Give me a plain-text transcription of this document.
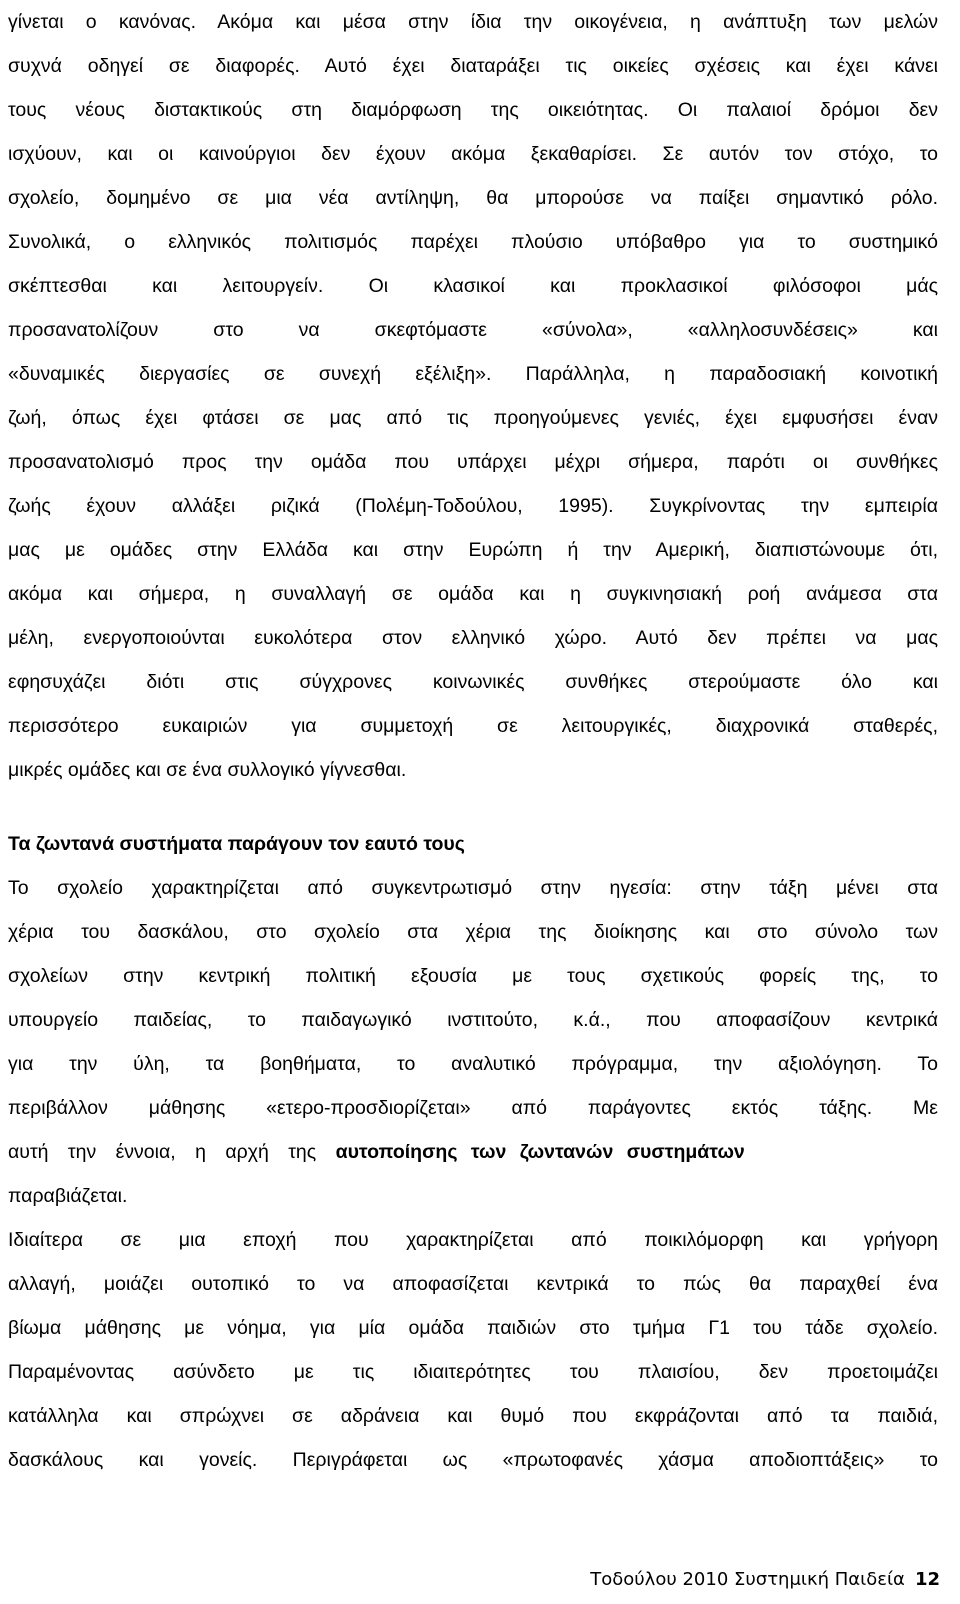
γίνεται ο κανόνας. Ακόμα και μέσα στην ίδια την οικογένεια, η ανάπτυξη των μελών

συχνά οδηγεί σε διαφορές. Αυτό έχει διαταράξει τις οικείες σχέσεις και έχει κάνει

τους νέους διστακτικούς στη διαμόρφωση της οικειότητας. Οι παλαιοί δρόμοι δεν

ισχύουν, και οι καινούργιοι δεν έχουν ακόμα ξεκαθαρίσει. Σε αυτόν τον στόχο, το

σχολείο, δομημένο σε μια νέα αντίληψη, θα μπορούσε να παίξει σημαντικό ρόλο.

Συνολικά, ο ελληνικός πολιτισμός παρέχει πλούσιο υπόβαθρο για το συστημικό

σκέπτεσθαι και λειτουργείν. Οι κλασικοί και προκλασικοί φιλόσοφοι μάς

προσανατολίζουν στο να σκεφτόμαστε «σύνολα», «αλληλοσυνδέσεις» και

«δυναμικές διεργασίες σε συνεχή εξέλιξη». Παράλληλα, η παραδοσιακή κοινοτική

ζωή, όπως έχει φτάσει σε μας από τις προηγούμενες γενιές, έχει εμφυσήσει έναν

προσανατολισμό προς την ομάδα που υπάρχει μέχρι σήμερα, παρότι οι συνθήκες

ζωής έχουν αλλάξει ριζικά (Πολέμη-Τοδούλου, 1995). Συγκρίνοντας την εμπειρία

μας με ομάδες στην Ελλάδα και στην Ευρώπη ή την Αμερική, διαπιστώνουμε ότι,

ακόμα και σήμερα, η συναλλαγή σε ομάδα και η συγκινησιακή ροή ανάμεσα στα

μέλη, ενεργοποιούνται ευκολότερα στον ελληνικό χώρο. Αυτό δεν πρέπει να μας

εφησυχάζει διότι στις σύγχρονες κοινωνικές συνθήκες στερούμαστε όλο και

περισσότερο ευκαιριών για συμμετοχή σε λειτουργικές, διαχρονικά σταθερές,

μικρές ομάδες και σε ένα συλλογικό γίγνεσθαι.

Τα ζωντανά συστήματα παράγουν τον εαυτό τους

Το σχολείο χαρακτηρίζεται από συγκεντρωτισμό στην ηγεσία: στην τάξη μένει στα

χέρια του δασκάλου, στο σχολείο στα χέρια της διοίκησης και στο σύνολο των

σχολείων στην κεντρική πολιτική εξουσία με τους σχετικούς φορείς της, το

υπουργείο παιδείας, το παιδαγωγικό ινστιτούτο, κ.ά., που αποφασίζουν κεντρικά

για την ύλη, τα βοηθήματα, το αναλυτικό πρόγραμμα, την αξιολόγηση. Το

περιβάλλον μάθησης «ετερο-προσδιορίζεται» από παράγοντες εκτός τάξης. Με

αυτή την έννοια, η αρχή της αυτοποίησης των ζωντανών συστημάτων

παραβιάζεται.

Ιδιαίτερα σε μια εποχή που χαρακτηρίζεται από ποικιλόμορφη και γρήγορη

αλλαγή, μοιάζει ουτοπικό το να αποφασίζεται κεντρικά το πώς θα παραχθεί ένα

βίωμα μάθησης με νόημα, για μία ομάδα παιδιών στο τμήμα Γ1 του τάδε σχολείο.

Παραμένοντας ασύνδετο με τις ιδιαιτερότητες του πλαισίου, δεν προετοιμάζει

κατάλληλα και σπρώχνει σε αδράνεια και θυμό που εκφράζονται από τα παιδιά,

δασκάλους και γονείς. Περιγράφεται ως «πρωτοφανές χάσμα αποδιοπτάξεις» το

Τοδούλου 2010 Συστημική Παιδεία 12
